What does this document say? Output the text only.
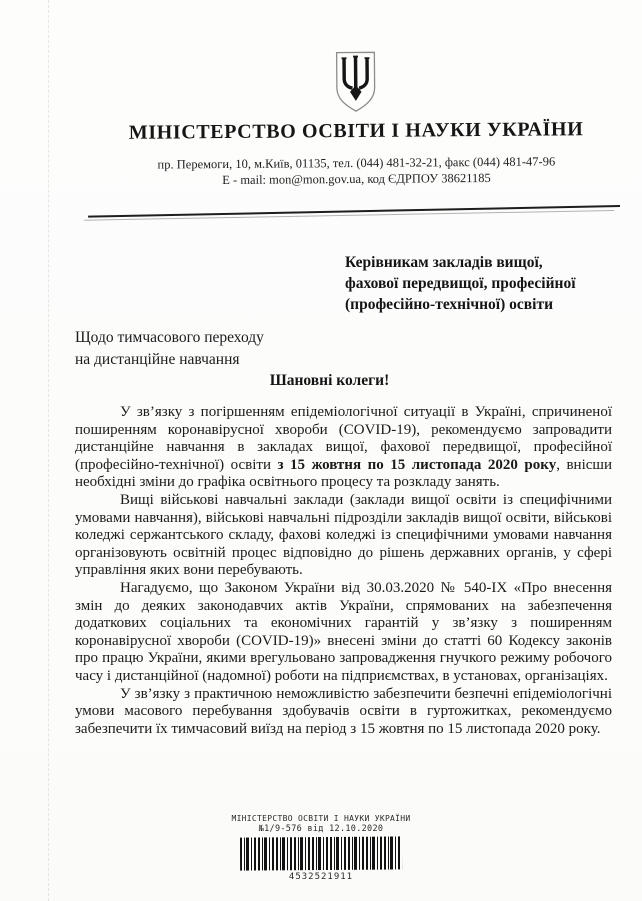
МІНІСТЕРСТВО ОСВІТИ І НАУКИ УКРАЇНИ
пр. Перемоги, 10, м.Київ, 01135, тел. (044) 481-32-21, факс (044) 481-47-96
E - mail: mon@mon.gov.ua, код ЄДРПОУ 38621185
Керівникам закладів вищої,
фахової передвищої, професійної
(професійно-технічної) освіти
Щодо тимчасового переходу
на дистанційне навчання
Шановні колеги!

У зв’язку з погіршенням епідеміологічної ситуації в Україні, спричиненої поширенням коронавірусної хвороби (COVID-19), рекомендуємо запровадити дистанційне навчання в закладах вищої, фахової передвищої, професійної (професійно-технічної) освіти з 15 жовтня по 15 листопада 2020 року, внісши необхідні зміни до графіка освітнього процесу та розкладу занять.

Вищі військові навчальні заклади (заклади вищої освіти із специфічними умовами навчання), військові навчальні підрозділи закладів вищої освіти, військові коледжі сержантського складу, фахові коледжі із специфічними умовами навчання організовують освітній процес відповідно до рішень державних органів, у сфері управління яких вони перебувають.

Нагадуємо, що Законом України від 30.03.2020 № 540-IX «Про внесення змін до деяких законодавчих актів України, спрямованих на забезпечення додаткових соціальних та економічних гарантій у зв’язку з поширенням коронавірусної хвороби (COVID-19)» внесені зміни до статті 60 Кодексу законів про працю України, якими врегульовано запровадження гнучкого режиму робочого часу і дистанційної (надомної) роботи на підприємствах, в установах, організаціях.

У зв’язку з практичною неможливістю забезпечити безпечні епідеміологічні умови масового перебування здобувачів освіти в гуртожитках, рекомендуємо забезпечити їх тимчасовий виїзд на період з 15 жовтня по 15 листопада 2020 року.

МІНІСТЕРСТВО ОСВІТИ І НАУКИ УКРАЇНИ
№1/9-576 від 12.10.2020
4532521911
